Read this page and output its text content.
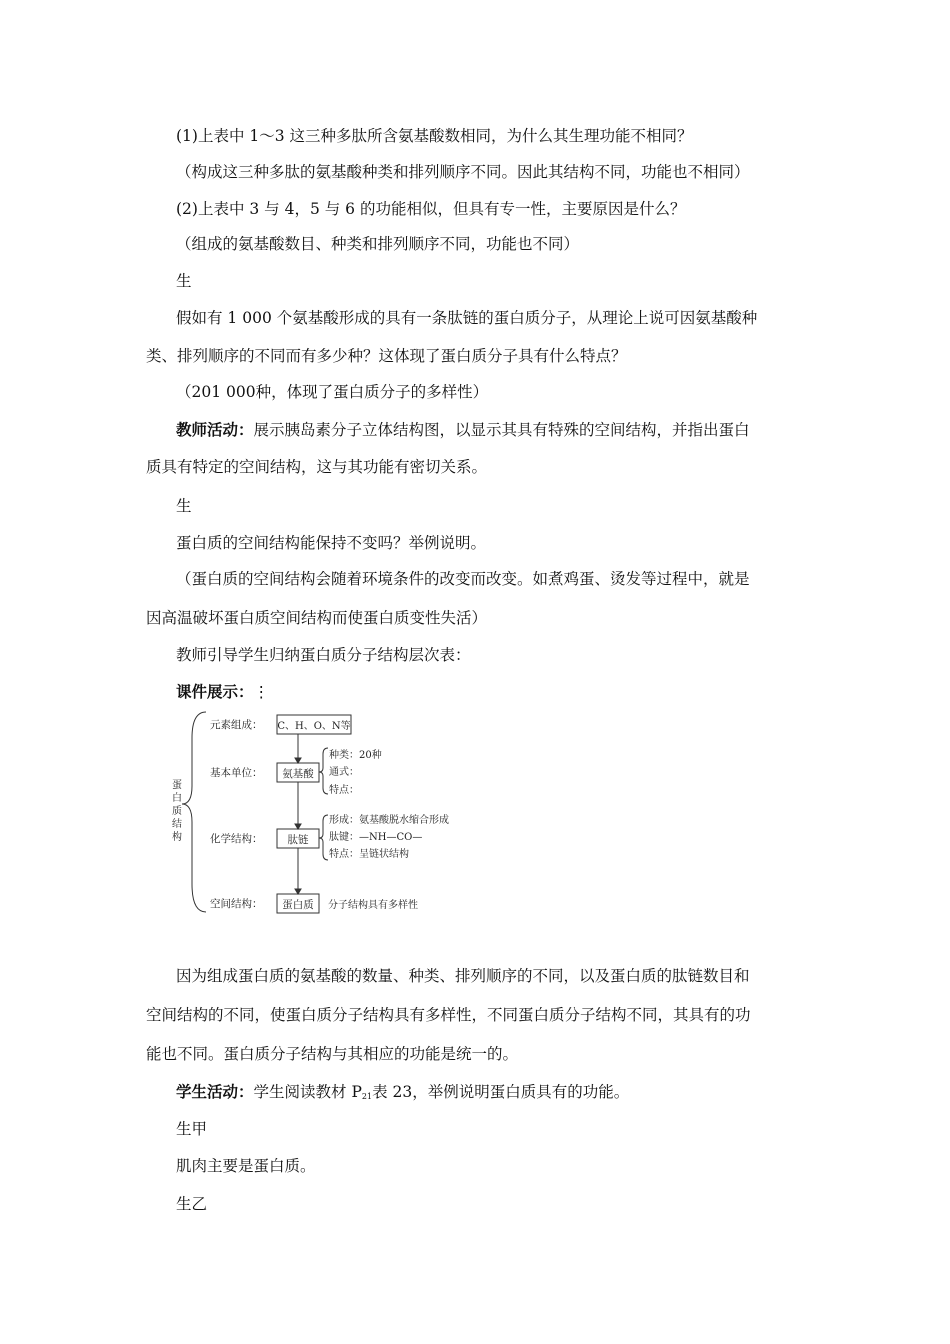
(1)上表中 1～3 这三种多肽所含氨基酸数相同，为什么其生理功能不相同？
（构成这三种多肽的氨基酸种类和排列顺序不同。因此其结构不同，功能也不相同）
(2)上表中 3 与 4，5 与 6 的功能相似，但具有专一性，主要原因是什么？
（组成的氨基酸数目、种类和排列顺序不同，功能也不同）
生
假如有 1 000 个氨基酸形成的具有一条肽链的蛋白质分子，从理论上说可因氨基酸种
类、排列顺序的不同而有多少种？这体现了蛋白质分子具有什么特点？
（201 000种，体现了蛋白质分子的多样性）
教师活动：展示胰岛素分子立体结构图，以显示其具有特殊的空间结构，并指出蛋白
质具有特定的空间结构，这与其功能有密切关系。
生
蛋白质的空间结构能保持不变吗？举例说明。
（蛋白质的空间结构会随着环境条件的改变而改变。如煮鸡蛋、烫发等过程中，就是
因高温破坏蛋白质空间结构而使蛋白质变性失活）
教师引导学生归纳蛋白质分子结构层次表：
课件展示：⋮
蛋
白
质
结
构
元素组成：
基本单位：
化学结构：
空间结构：
C、H、O、N等
氨基酸
肽链
蛋白质
种类：20种
通式：
特点：
形成：氨基酸脱水缩合形成
肽键：—NH—CO—
特点：呈链状结构
分子结构具有多样性
因为组成蛋白质的氨基酸的数量、种类、排列顺序的不同，以及蛋白质的肽链数目和
空间结构的不同，使蛋白质分子结构具有多样性，不同蛋白质分子结构不同，其具有的功
能也不同。蛋白质分子结构与其相应的功能是统一的。
学生活动：学生阅读教材 $P_{21}$表 23，举例说明蛋白质具有的功能。
生甲
肌肉主要是蛋白质。
生乙
